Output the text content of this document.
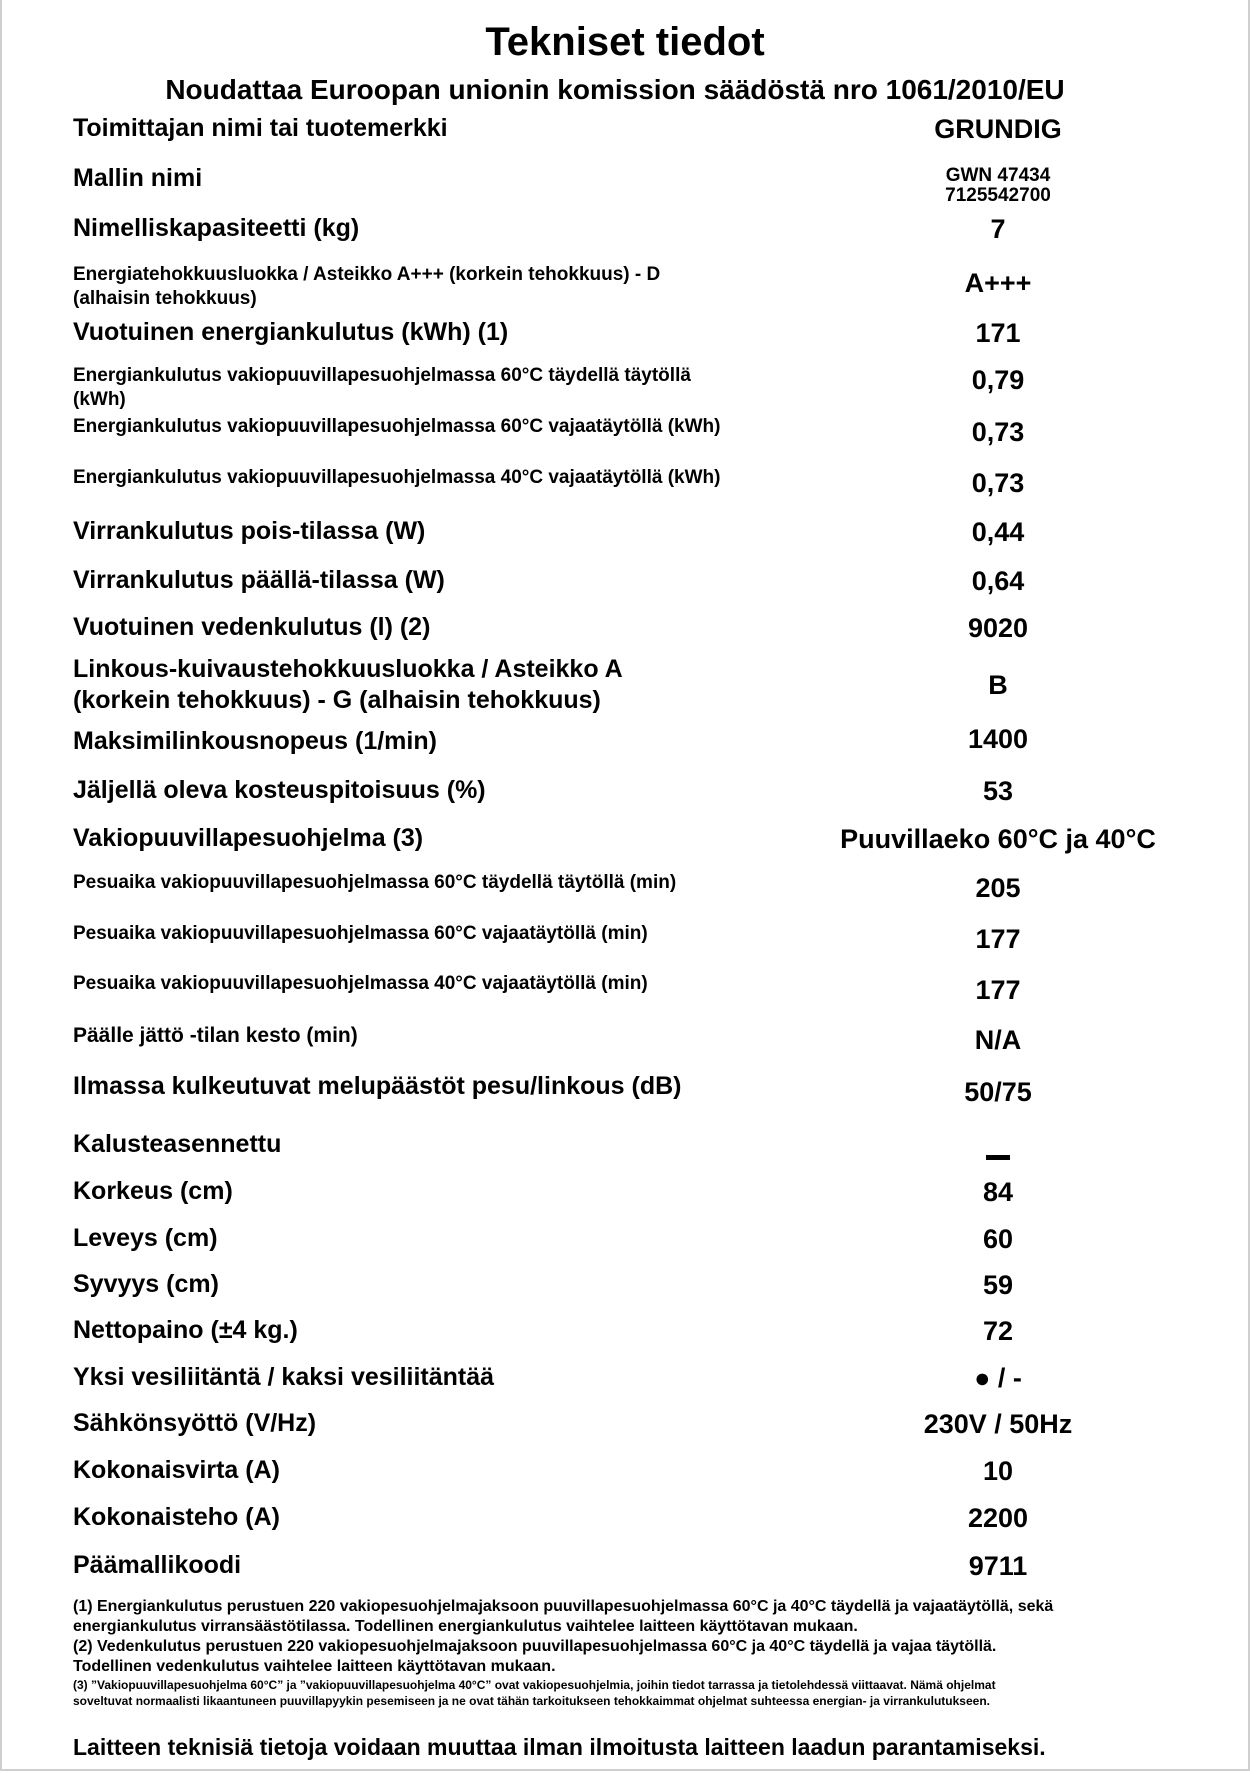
Tekniset tiedot
Noudattaa Euroopan unionin komission säädöstä nro 1061/2010/EU
Toimittajan nimi tai tuotemerkki	GRUNDIG
Mallin nimi	GWN 47434
7125542700
Nimelliskapasiteetti (kg)	7
Energiatehokkuusluokka / Asteikko A+++ (korkein tehokkuus) - D
(alhaisin tehokkuus)
A+++
Vuotuinen energiankulutus (kWh) (1)	171
Energiankulutus vakiopuuvillapesuohjelmassa 60°C täydellä täytöllä
(kWh)
0,79
Energiankulutus vakiopuuvillapesuohjelmassa 60°C vajaatäytöllä (kWh)	0,73
Energiankulutus vakiopuuvillapesuohjelmassa 40°C vajaatäytöllä (kWh)	0,73
Virrankulutus pois-tilassa (W)	0,44
Virrankulutus päällä-tilassa (W)	0,64
Vuotuinen vedenkulutus (l) (2)	9020
Linkous-kuivaustehokkuusluokka / Asteikko A
(korkein tehokkuus) - G (alhaisin tehokkuus)	B
Maksimilinkousnopeus (1/min)	1400
Jäljellä oleva kosteuspitoisuus (%)	53
Vakiopuuvillapesuohjelma (3)	Puuvillaeko 60°C ja 40°C
Pesuaika vakiopuuvillapesuohjelmassa 60°C täydellä täytöllä (min)	205
Pesuaika vakiopuuvillapesuohjelmassa 60°C vajaatäytöllä (min)	177
Pesuaika vakiopuuvillapesuohjelmassa 40°C vajaatäytöllä (min)	177
Päälle jättö -tilan kesto (min)	N/A
Ilmassa kulkeutuvat melupäästöt pesu/linkous (dB)	50/75
Kalusteasennettu
Korkeus (cm)	84
Leveys (cm)	60
Syvyys (cm)	59
Nettopaino (±4 kg.)	72
Yksi vesiliitäntä / kaksi vesiliitäntää	● / -
Sähkönsyöttö (V/Hz)	230V / 50Hz
Kokonaisvirta (A)	10
Kokonaisteho (A)	2200
Päämallikoodi	9711
(1) Energiankulutus perustuen 220 vakiopesuohjelmajaksoon puuvillapesuohjelmassa 60°C ja 40°C täydellä ja vajaatäytöllä, sekä
energiankulutus virransäästötilassa. Todellinen energiankulutus vaihtelee laitteen käyttötavan mukaan.
(2) Vedenkulutus perustuen 220 vakiopesuohjelmajaksoon puuvillapesuohjelmassa 60°C ja 40°C täydellä ja vajaa täytöllä.
Todellinen vedenkulutus vaihtelee laitteen käyttötavan mukaan.
(3) ”Vakiopuuvillapesuohjelma 60°C” ja ”vakiopuuvillapesuohjelma 40°C” ovat vakiopesuohjelmia, joihin tiedot tarrassa ja tietolehdessä viittaavat. Nämä ohjelmat
soveltuvat normaalisti likaantuneen puuvillapyykin pesemiseen ja ne ovat tähän tarkoitukseen tehokkaimmat ohjelmat suhteessa energian- ja virrankulutukseen.
Laitteen teknisiä tietoja voidaan muuttaa ilman ilmoitusta laitteen laadun parantamiseksi.
